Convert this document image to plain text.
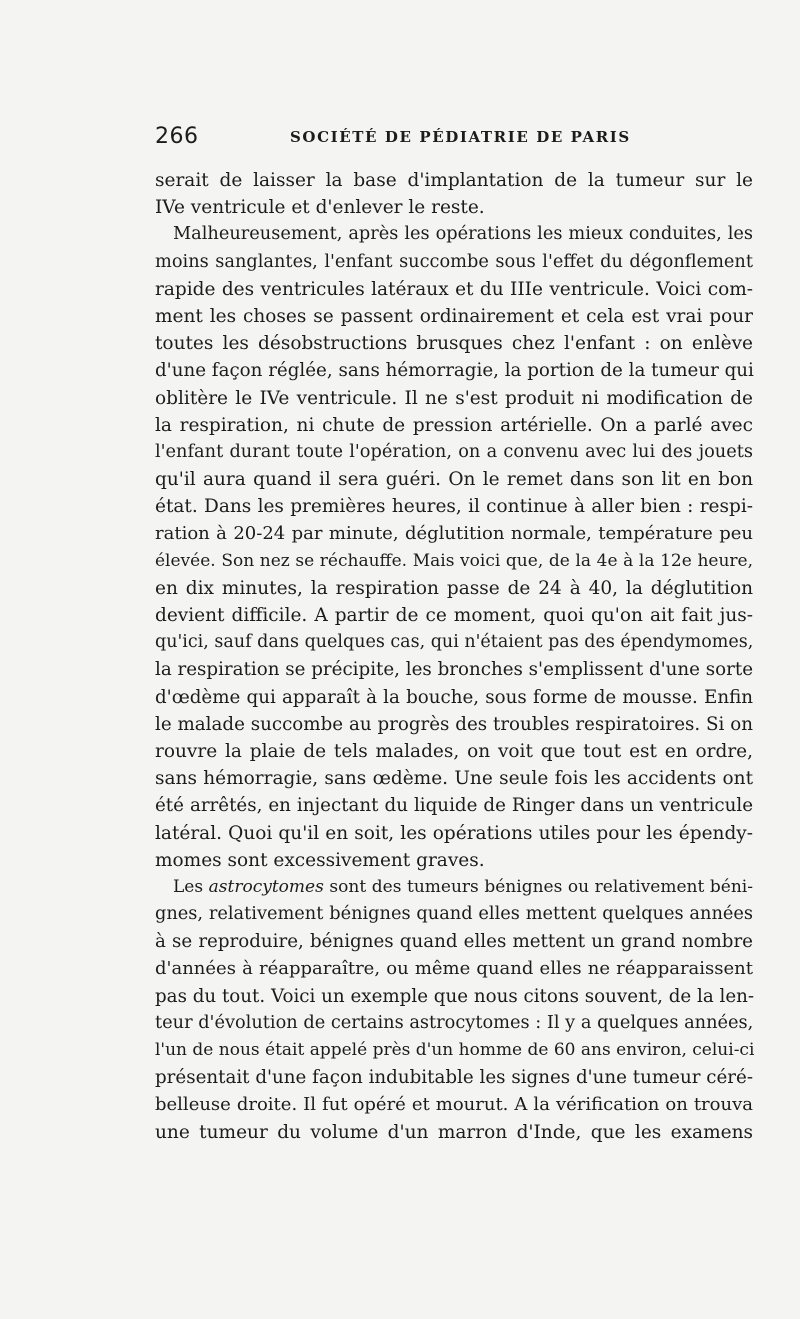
266	SOCIÉTÉ DE PÉDIATRIE DE PARIS
serait de laisser la base d'implantation de la tumeur sur le
IVe ventricule et d'enlever le reste.
Malheureusement, après les opérations les mieux conduites, les
moins sanglantes, l'enfant succombe sous l'effet du dégonflement
rapide des ventricules latéraux et du IIIe ventricule. Voici com-
ment les choses se passent ordinairement et cela est vrai pour
toutes les désobstructions brusques chez l'enfant : on enlève
d'une façon réglée, sans hémorragie, la portion de la tumeur qui
oblitère le IVe ventricule. Il ne s'est produit ni modification de
la respiration, ni chute de pression artérielle. On a parlé avec
l'enfant durant toute l'opération, on a convenu avec lui des jouets
qu'il aura quand il sera guéri. On le remet dans son lit en bon
état. Dans les premières heures, il continue à aller bien : respi-
ration à 20-24 par minute, déglutition normale, température peu
élevée. Son nez se réchauffe. Mais voici que, de la 4e à la 12e heure,
en dix minutes, la respiration passe de 24 à 40, la déglutition
devient difficile. A partir de ce moment, quoi qu'on ait fait jus-
qu'ici, sauf dans quelques cas, qui n'étaient pas des épendymomes,
la respiration se précipite, les bronches s'emplissent d'une sorte
d'œdème qui apparaît à la bouche, sous forme de mousse. Enfin
le malade succombe au progrès des troubles respiratoires. Si on
rouvre la plaie de tels malades, on voit que tout est en ordre,
sans hémorragie, sans œdème. Une seule fois les accidents ont
été arrêtés, en injectant du liquide de Ringer dans un ventricule
latéral. Quoi qu'il en soit, les opérations utiles pour les épendy-
momes sont excessivement graves.
Les astrocytomes sont des tumeurs bénignes ou relativement béni-
gnes, relativement bénignes quand elles mettent quelques années
à se reproduire, bénignes quand elles mettent un grand nombre
d'années à réapparaître, ou même quand elles ne réapparaissent
pas du tout. Voici un exemple que nous citons souvent, de la len-
teur d'évolution de certains astrocytomes : Il y a quelques années,
l'un de nous était appelé près d'un homme de 60 ans environ, celui-ci
présentait d'une façon indubitable les signes d'une tumeur céré-
belleuse droite. Il fut opéré et mourut. A la vérification on trouva
une tumeur du volume d'un marron d'Inde, que les examens
